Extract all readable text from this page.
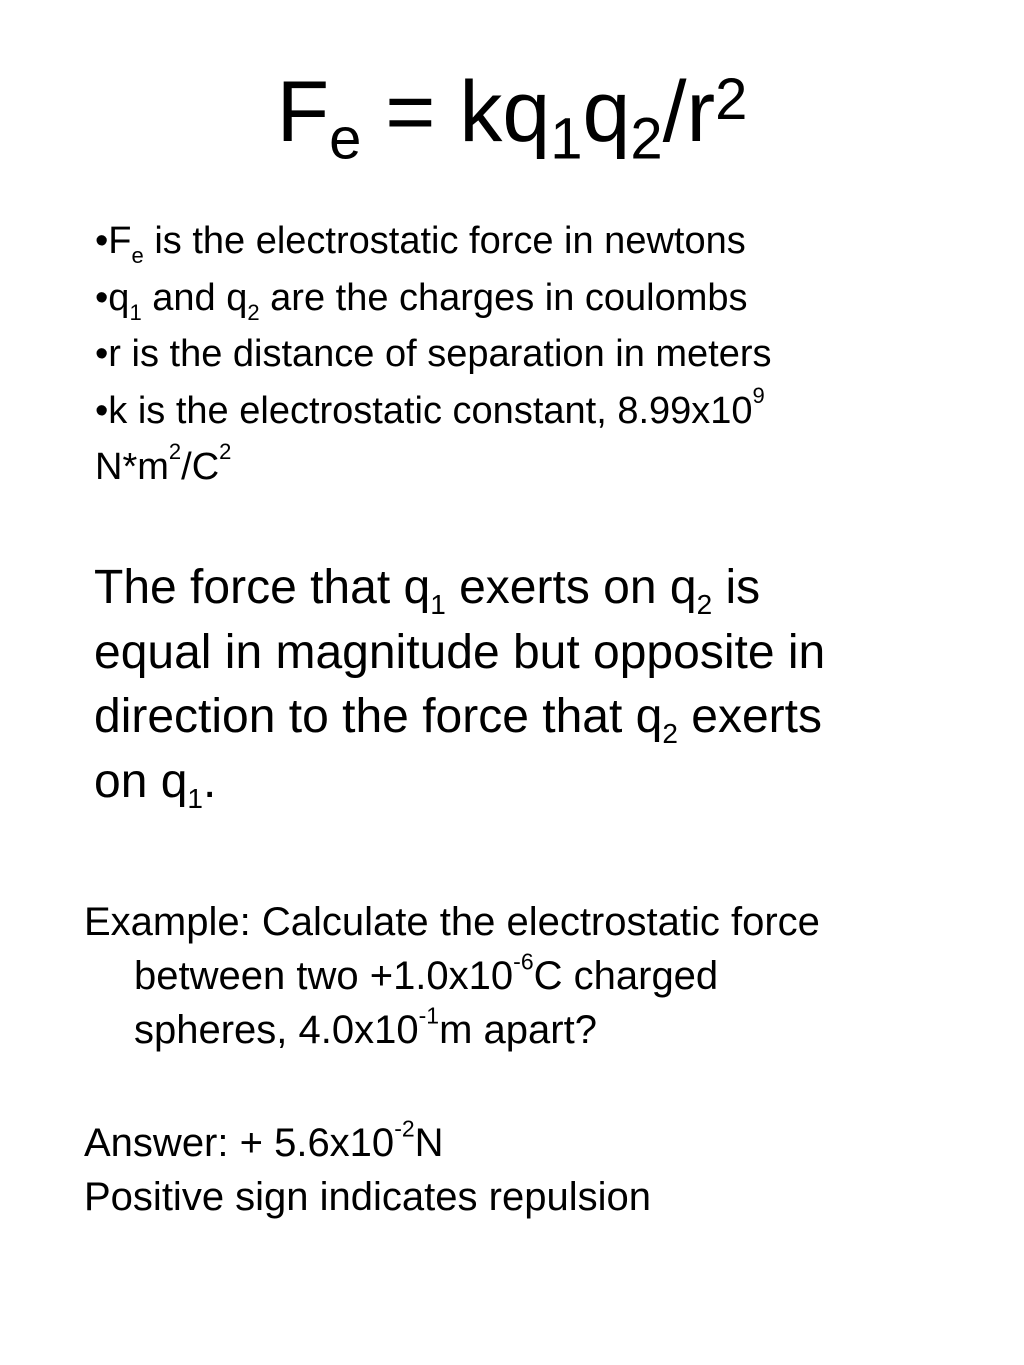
$F_e = kq_1q_2/r^2$
$•F_e$ is the electrostatic force in newtons
$•q_1$ and $q_2$ are the charges in coulombs
•r is the distance of separation in meters
•k is the electrostatic constant, $8.99x10^9$
$N*m^2/C^2$
The force that $q_1$ exerts on $q_2$ is
equal in magnitude but opposite in
direction to the force that $q_2$ exerts
on $q_1$.
Example: Calculate the electrostatic force
between two $+1.0x10^{-6}C$ charged
spheres, $4.0x10^{-1}m$ apart?
Answer: + $5.6x10^{-2}N$
Positive sign indicates repulsion
